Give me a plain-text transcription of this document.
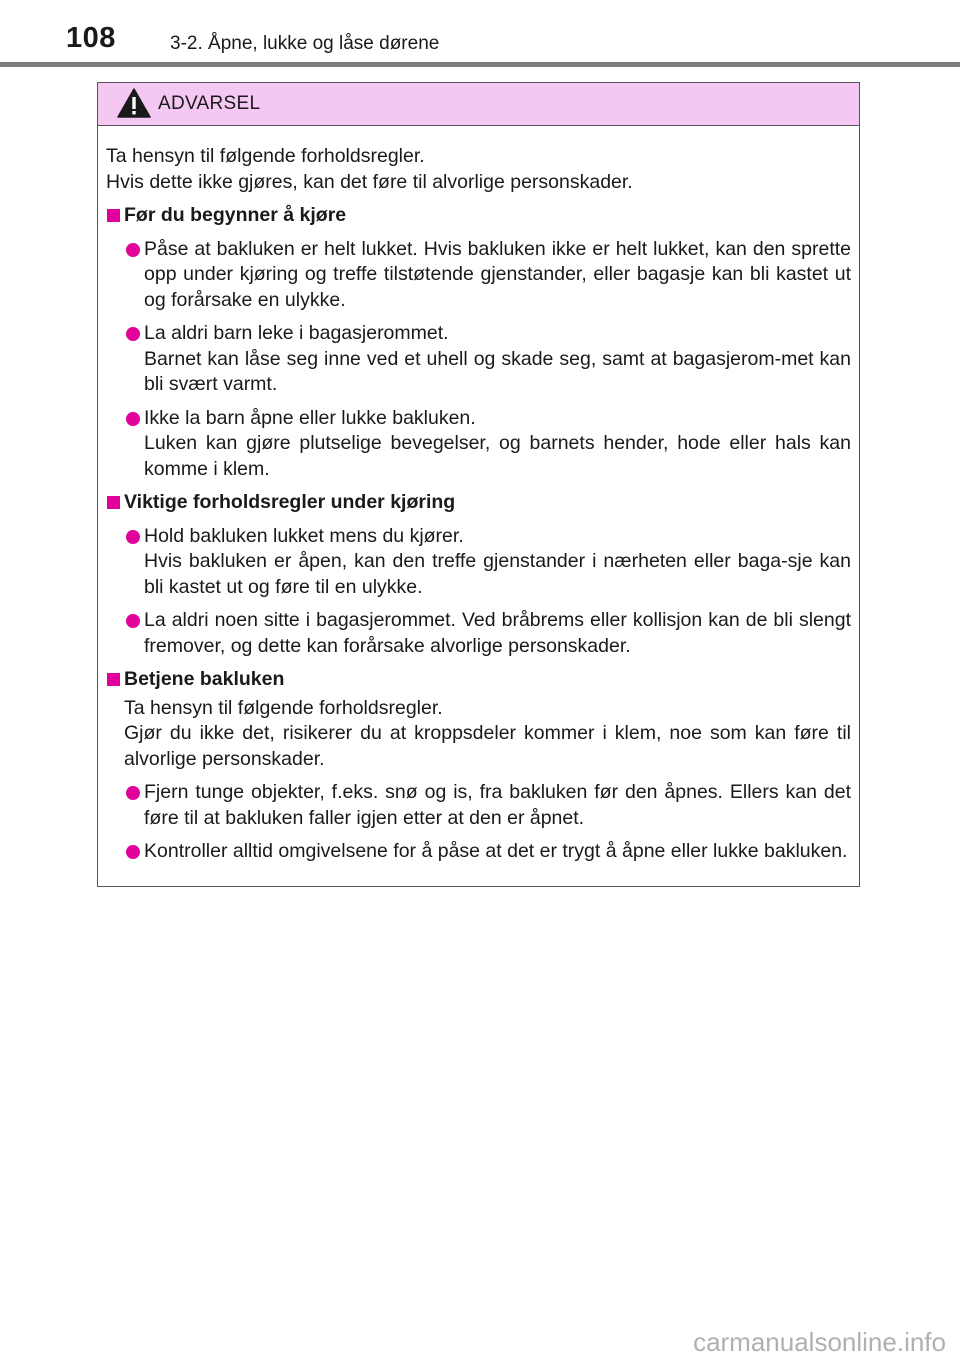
108	3-2. Åpne, lukke og låse dørene
ADVARSEL
Ta hensyn til følgende forholdsregler.
Hvis dette ikke gjøres, kan det føre til alvorlige personskader.
Før du begynner å kjøre

Påse at bakluken er helt lukket. Hvis bakluken ikke er helt lukket, kan den sprette opp under kjøring og treffe tilstøtende gjenstander, eller bagasje kan bli kastet ut og forårsake en ulykke.

La aldri barn leke i bagasjerommet.

Barnet kan låse seg inne ved et uhell og skade seg, samt at bagasjerom-met kan bli svært varmt.

Ikke la barn åpne eller lukke bakluken.

Luken kan gjøre plutselige bevegelser, og barnets hender, hode eller hals kan komme i klem.

Viktige forholdsregler under kjøring

Hold bakluken lukket mens du kjører.

Hvis bakluken er åpen, kan den treffe gjenstander i nærheten eller baga-sje kan bli kastet ut og føre til en ulykke.

La aldri noen sitte i bagasjerommet. Ved bråbrems eller kollisjon kan de bli slengt fremover, og dette kan forårsake alvorlige personskader.

Betjene bakluken

Ta hensyn til følgende forholdsregler.

Gjør du ikke det, risikerer du at kroppsdeler kommer i klem, noe som kan føre til alvorlige personskader.

Fjern tunge objekter, f.eks. snø og is, fra bakluken før den åpnes. Ellers kan det føre til at bakluken faller igjen etter at den er åpnet.

Kontroller alltid omgivelsene for å påse at det er trygt å åpne eller lukke bakluken.

carmanualsonline.info
